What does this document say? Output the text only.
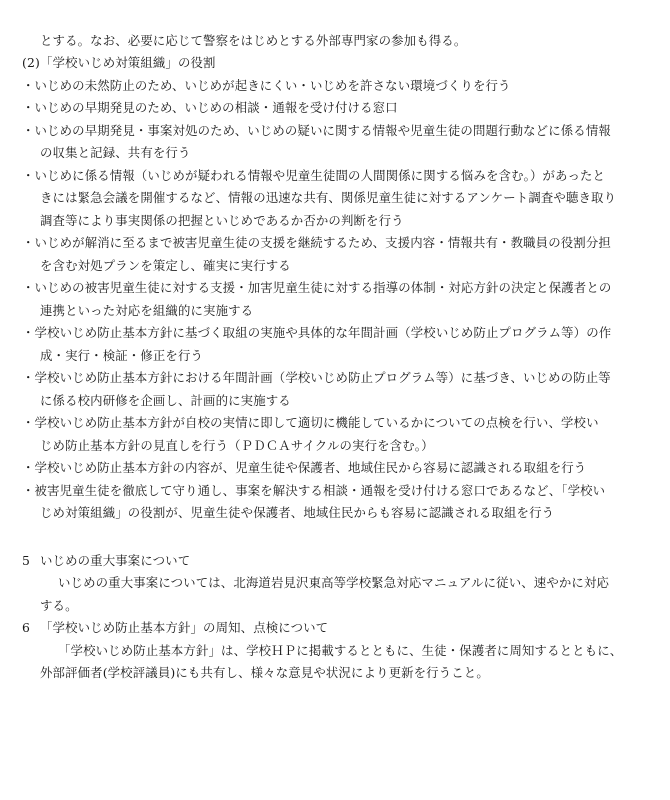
とする。なお、必要に応じて警察をはじめとする外部専門家の参加も得る。
(2)「学校いじめ対策組織」の役割
・いじめの未然防止のため、いじめが起きにくい・いじめを許さない環境づくりを行う
・いじめの早期発見のため、いじめの相談・通報を受け付ける窓口
・いじめの早期発見・事案対処のため、いじめの疑いに関する情報や児童生徒の問題行動などに係る情報
の収集と記録、共有を行う
・いじめに係る情報（いじめが疑われる情報や児童生徒間の人間関係に関する悩みを含む。）があったと
きには緊急会議を開催するなど、情報の迅速な共有、関係児童生徒に対するアンケート調査や聴き取り
調査等により事実関係の把握といじめであるか否かの判断を行う
・いじめが解消に至るまで被害児童生徒の支援を継続するため、支援内容・情報共有・教職員の役割分担
を含む対処プランを策定し、確実に実行する
・いじめの被害児童生徒に対する支援・加害児童生徒に対する指導の体制・対応方針の決定と保護者との
連携といった対応を組織的に実施する
・学校いじめ防止基本方針に基づく取組の実施や具体的な年間計画（学校いじめ防止プログラム等）の作
成・実行・検証・修正を行う
・学校いじめ防止基本方針における年間計画（学校いじめ防止プログラム等）に基づき、いじめの防止等
に係る校内研修を企画し、計画的に実施する
・学校いじめ防止基本方針が自校の実情に即して適切に機能しているかについての点検を行い、学校い
じめ防止基本方針の見直しを行う（ＰＤＣＡサイクルの実行を含む。）
・学校いじめ防止基本方針の内容が、児童生徒や保護者、地域住民から容易に認識される取組を行う
・被害児童生徒を徹底して守り通し、事案を解決する相談・通報を受け付ける窓口であるなど、「学校い
じめ対策組織」の役割が、児童生徒や保護者、地域住民からも容易に認識される取組を行う
5 いじめの重大事案について
いじめの重大事案については、北海道岩見沢東高等学校緊急対応マニュアルに従い、速やかに対応
する。
6 「学校いじめ防止基本方針」の周知、点検について
「学校いじめ防止基本方針」は、学校ＨＰに掲載するとともに、生徒・保護者に周知するとともに、
外部評価者(学校評議員)にも共有し、様々な意見や状況により更新を行うこと。
